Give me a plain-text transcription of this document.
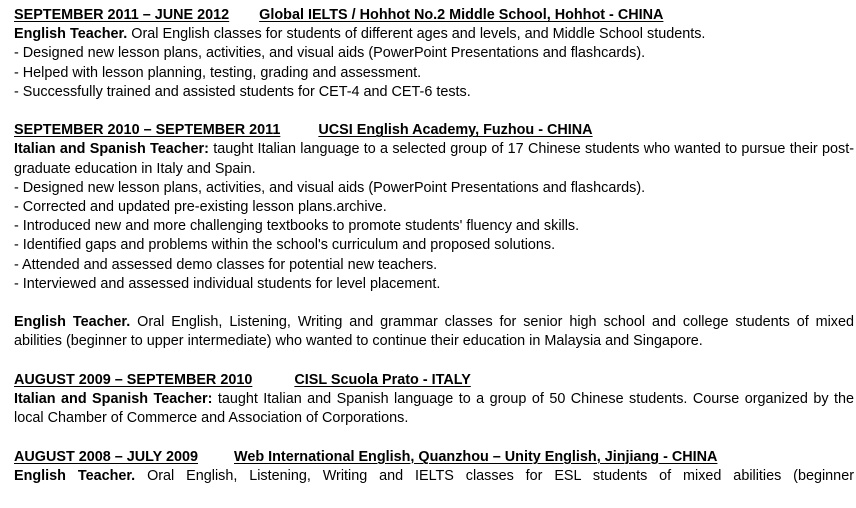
SEPTEMBER 2011 – JUNE 2012 Global IELTS / Hohhot No.2 Middle School, Hohhot - CHINA
English Teacher. Oral English classes for students of different ages and levels, and Middle School students.
- Designed new lesson plans, activities, and visual aids (PowerPoint Presentations and flashcards).
- Helped with lesson planning, testing, grading and assessment.
- Successfully trained and assisted students for CET-4 and CET-6 tests.
SEPTEMBER 2010 – SEPTEMBER 2011	UCSI English Academy, Fuzhou - CHINA
Italian and Spanish Teacher: taught Italian language to a selected group of 17 Chinese students who wanted to pursue their post-graduate education in Italy and Spain.
- Designed new lesson plans, activities, and visual aids (PowerPoint Presentations and flashcards).
- Corrected and updated pre-existing lesson plans.archive.
- Introduced new and more challenging textbooks to promote students' fluency and skills.
- Identified gaps and problems within the school's curriculum and proposed solutions.
- Attended and assessed demo classes for potential new teachers.
- Interviewed and assessed individual students for level placement.
English Teacher. Oral English, Listening, Writing and grammar classes for senior high school and college students of mixed abilities (beginner to upper intermediate) who wanted to continue their education in Malaysia and Singapore.
AUGUST 2009 – SEPTEMBER 2010	CISL Scuola Prato - ITALY
Italian and Spanish Teacher: taught Italian and Spanish language to a group of 50 Chinese students. Course organized by the local Chamber of Commerce and Association of Corporations.
AUGUST 2008 – JULY 2009	Web International English, Quanzhou – Unity English, Jinjiang - CHINA
English Teacher. Oral English, Listening, Writing and IELTS classes for ESL students of mixed abilities (beginner
